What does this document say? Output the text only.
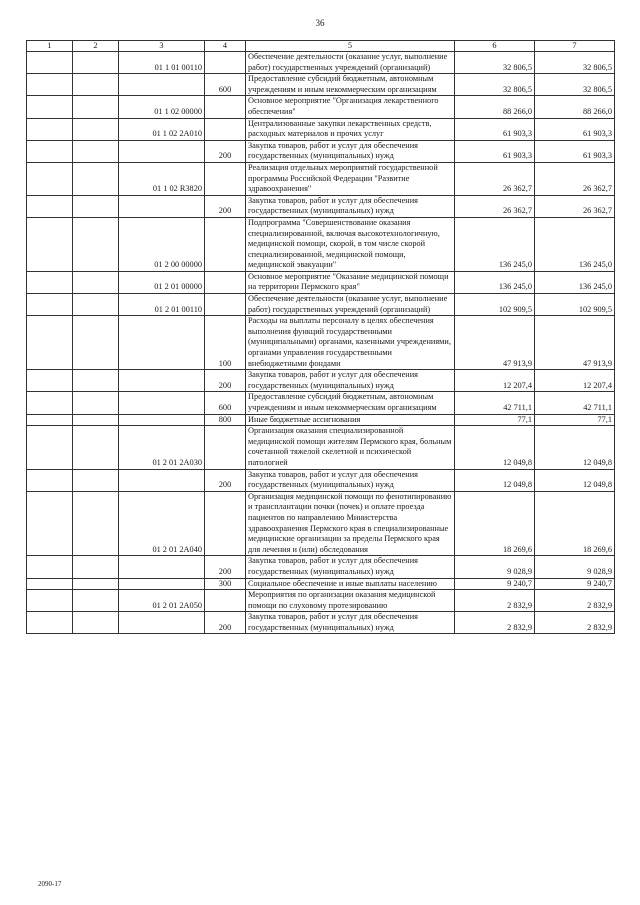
36
1	2	3	4	5	6	7
		01 1 01 00110		Обеспечение деятельности (оказание услуг, выполнение работ) государственных учреждений (организаций)	32 806,5	32 806,5
			600	Предоставление субсидий бюджетным, автономным учреждениям и иным некоммерческим организациям	32 806,5	32 806,5
		01 1 02 00000		Основное мероприятие "Организация лекарственного обеспечения"	88 266,0	88 266,0
		01 1 02 2A010		Централизованные закупки лекарственных средств, расходных материалов и прочих услуг	61 903,3	61 903,3
			200	Закупка товаров, работ и услуг для обеспечения государственных (муниципальных) нужд	61 903,3	61 903,3
		01 1 02 R3820		Реализация отдельных мероприятий государственной программы Российской Федерации "Развитие здравоохранения"	26 362,7	26 362,7
			200	Закупка товаров, работ и услуг для обеспечения государственных (муниципальных) нужд	26 362,7	26 362,7
		01 2 00 00000		Подпрограмма "Совершенствование оказания специализированной, включая высокотехнологичную, медицинской помощи, скорой, в том числе скорой специализированной, медицинской помощи, медицинской эвакуации"	136 245,0	136 245,0
		01 2 01 00000		Основное мероприятие "Оказание медицинской помощи на территории Пермского края"	136 245,0	136 245,0
		01 2 01 00110		Обеспечение деятельности (оказание услуг, выполнение работ) государственных учреждений (организаций)	102 909,5	102 909,5
			100	Расходы на выплаты персоналу в целях обеспечения выполнения функций государственными (муниципальными) органами, казенными учреждениями, органами управления государственными внебюджетными фондами	47 913,9	47 913,9
			200	Закупка товаров, работ и услуг для обеспечения государственных (муниципальных) нужд	12 207,4	12 207,4
			600	Предоставление субсидий бюджетным, автономным учреждениям и иным некоммерческим организациям	42 711,1	42 711,1
			800	Иные бюджетные ассигнования	77,1	77,1
		01 2 01 2A030		Организация оказания специализированной медицинской помощи жителям Пермского края, больным сочетанной тяжелой скелетной и психической патологией	12 049,8	12 049,8
			200	Закупка товаров, работ и услуг для обеспечения государственных (муниципальных) нужд	12 049,8	12 049,8
		01 2 01 2A040		Организация медицинской помощи по фенотипированию и трансплантации почки (почек) и оплате проезда пациентов по направлению Министерства здравоохранения Пермского края в специализированные медицинские организации за пределы Пермского края для лечения и (или) обследования	18 269,6	18 269,6
			200	Закупка товаров, работ и услуг для обеспечения государственных (муниципальных) нужд	9 028,9	9 028,9
			300	Социальное обеспечение и иные выплаты населению	9 240,7	9 240,7
		01 2 01 2A050		Мероприятия по организации оказания медицинской помощи по слуховому протезированию	2 832,9	2 832,9
			200	Закупка товаров, работ и услуг для обеспечения государственных (муниципальных) нужд	2 832,9	2 832,9
2090-17
